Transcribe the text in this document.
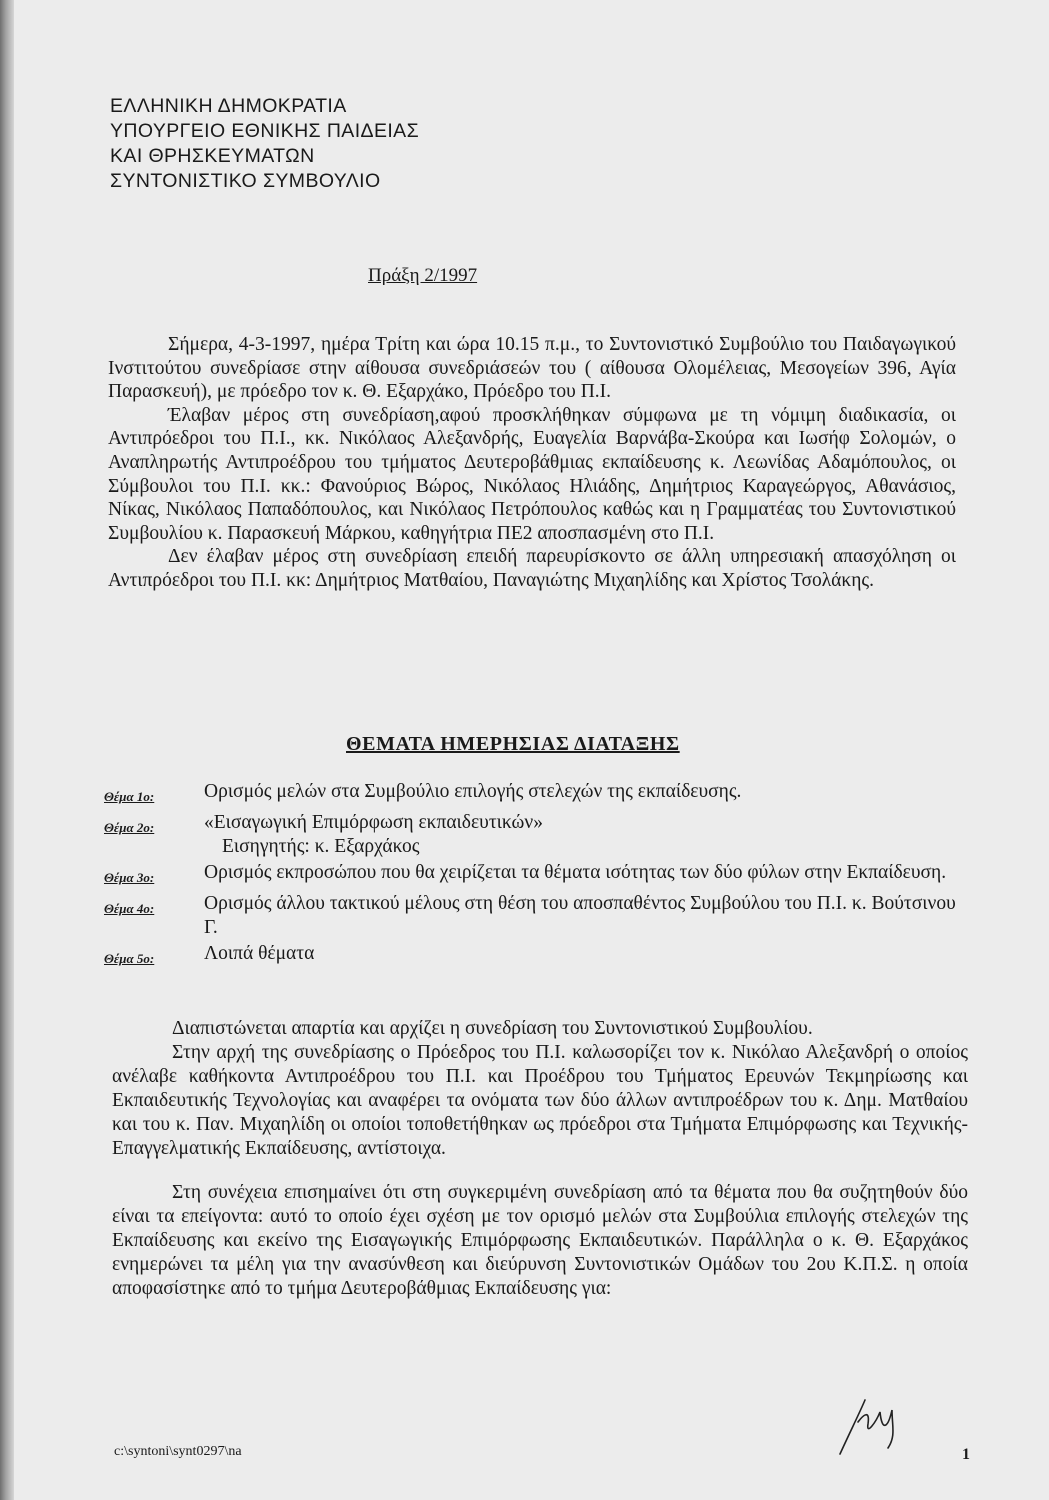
ΕΛΛΗΝΙΚΗ ΔΗΜΟΚΡΑΤΙΑ
ΥΠΟΥΡΓΕΙΟ ΕΘΝΙΚΗΣ ΠΑΙΔΕΙΑΣ
ΚΑΙ ΘΡΗΣΚΕΥΜΑΤΩΝ
ΣΥΝΤΟΝΙΣΤΙΚΟ ΣΥΜΒΟΥΛΙΟ
Πράξη 2/1997

Σήμερα, 4-3-1997, ημέρα Τρίτη και ώρα 10.15 π.μ., το Συντονιστικό Συμβούλιο του Παιδαγωγικού Ινστιτούτου συνεδρίασε στην αίθουσα συνεδριάσεών του ( αίθουσα Ολομέλειας, Μεσογείων 396, Αγία Παρασκευή), με πρόεδρο τον κ. Θ. Εξαρχάκο, Πρόεδρο του Π.Ι.

Έλαβαν μέρος στη συνεδρίαση,αφού προσκλήθηκαν σύμφωνα με τη νόμιμη διαδικασία, οι Αντιπρόεδροι του Π.Ι., κκ. Νικόλαος Αλεξανδρής, Ευαγελία Βαρνάβα-Σκούρα και Ιωσήφ Σολομών, ο Αναπληρωτής Αντιπροέδρου του τμήματος Δευτεροβάθμιας εκπαίδευσης κ. Λεωνίδας Αδαμόπουλος, οι Σύμβουλοι του Π.Ι. κκ.: Φανούριος Βώρος, Νικόλαος Ηλιάδης, Δημήτριος Καραγεώργος, Αθανάσιος, Νίκας, Νικόλαος Παπαδόπουλος, και Νικόλαος Πετρόπουλος καθώς και η Γραμματέας του Συντονιστικού Συμβουλίου κ. Παρασκευή Μάρκου, καθηγήτρια ΠΕ2 αποσπασμένη στο Π.Ι.

Δεν έλαβαν μέρος στη συνεδρίαση επειδή παρευρίσκοντο σε άλλη υπηρεσιακή απασχόληση οι Αντιπρόεδροι του Π.Ι. κκ: Δημήτριος Ματθαίου, Παναγιώτης Μιχαηλίδης και Χρίστος Τσολάκης.

ΘΕΜΑΤΑ ΗΜΕΡΗΣΙΑΣ ΔΙΑΤΑΞΗΣ
Θέμα 1ο:	Ορισμός μελών στα Συμβούλιο επιλογής στελεχών της εκπαίδευσης.
Θέμα 2ο:	«Εισαγωγική Επιμόρφωση εκπαιδευτικών»
Εισηγητής: κ. Εξαρχάκος
Θέμα 3ο:	Ορισμός εκπροσώπου που θα χειρίζεται τα θέματα ισότητας των δύο φύλων στην Εκπαίδευση.
Θέμα 4ο:	Ορισμός άλλου τακτικού μέλους στη θέση του αποσπαθέντος Συμβούλου του Π.Ι. κ. Βούτσινου Γ.
Θέμα 5ο:	Λοιπά θέματα

Διαπιστώνεται απαρτία και αρχίζει η συνεδρίαση του Συντονιστικού Συμβουλίου.

Στην αρχή της συνεδρίασης ο Πρόεδρος του Π.Ι. καλωσορίζει τον κ. Νικόλαο Αλεξανδρή ο οποίος ανέλαβε καθήκοντα Αντιπροέδρου του Π.Ι. και Προέδρου του Τμήματος Ερευνών Τεκμηρίωσης και Εκπαιδευτικής Τεχνολογίας και αναφέρει τα ονόματα των δύο άλλων αντιπροέδρων του κ. Δημ. Ματθαίου και του κ. Παν. Μιχαηλίδη οι οποίοι τοποθετήθηκαν ως πρόεδροι στα Τμήματα Επιμόρφωσης και Τεχνικής- Επαγγελματικής Εκπαίδευσης, αντίστοιχα.

Στη συνέχεια επισημαίνει ότι στη συγκεριμένη συνεδρίαση από τα θέματα που θα συζητηθούν δύο είναι τα επείγοντα: αυτό το οποίο έχει σχέση με τον ορισμό μελών στα Συμβούλια επιλογής στελεχών της Εκπαίδευσης και εκείνο της Εισαγωγικής Επιμόρφωσης Εκπαιδευτικών. Παράλληλα ο κ. Θ. Εξαρχάκος ενημερώνει τα μέλη για την ανασύνθεση και διεύρυνση Συντονιστικών Ομάδων του 2ου Κ.Π.Σ. η οποία αποφασίστηκε από το τμήμα Δευτεροβάθμιας Εκπαίδευσης για:

c:\syntoni\synt0297\na	1
